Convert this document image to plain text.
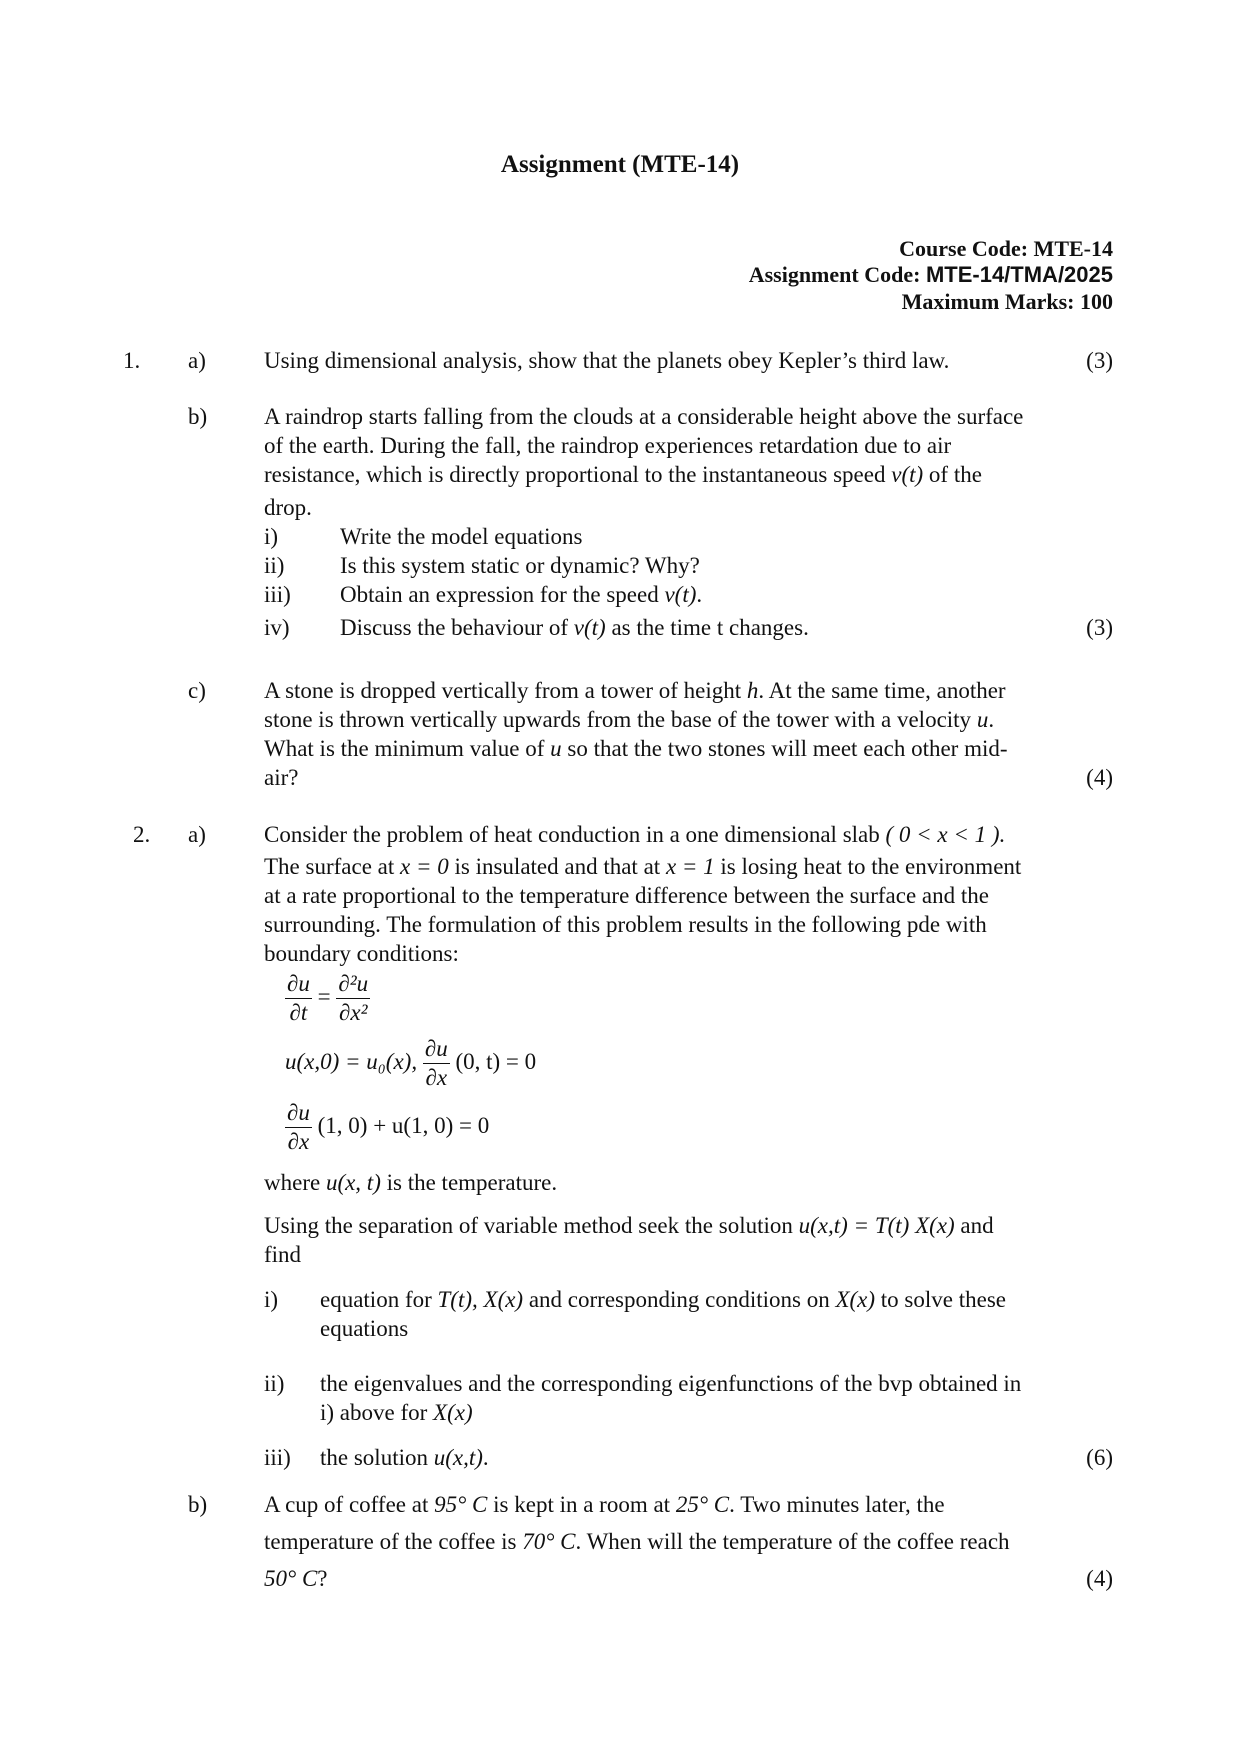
Assignment (MTE-14)
Course Code: MTE-14
Assignment Code: MTE-14/TMA/2025
Maximum Marks: 100
1. a)	Using dimensional analysis, show that the planets obey Kepler’s third law.	(3)
b) A raindrop starts falling from the clouds at a considerable height above the surface
of the earth. During the fall, the raindrop experiences retardation due to air
resistance, which is directly proportional to the instantaneous speed v(t) of the
drop.
i)	Write the model equations
ii) Is this system static or dynamic? Why?
iii) Obtain an expression for the speed v(t).
iv) Discuss the behaviour of v(t) as the time t changes.	(3)
c)	A stone is dropped vertically from a tower of height h. At the same time, another
stone is thrown vertically upwards from the base of the tower with a velocity u.
What is the minimum value of u so that the two stones will meet each other mid-
air?	(4)
2. a)	Consider the problem of heat conduction in a one dimensional slab ( 0 < x < 1 ).
The surface at x = 0 is insulated and that at x = 1 is losing heat to the environment
at a rate proportional to the temperature difference between the surface and the
surrounding. The formulation of this problem results in the following pde with
boundary conditions:
$\frac{\partial u}{\partial t} = \frac{\text{∂²u}}{\text{∂x²}}$
u(x,0) = u₀(x), $\frac{\partial u}{\partial x} (0$, t) = 0
$\frac{\partial u}{\partial x} (1$, 0) + u(1, 0) = 0
where u(x, t) is the temperature.
Using the separation of variable method seek the solution u(x,t) = T(t) X(x) and
find
i) equation for T(t), X(x) and corresponding conditions on X(x) to solve these
equations
ii) the eigenvalues and the corresponding eigenfunctions of the bvp obtained in
i) above for X(x)
iii) the solution u(x,t).	(6)
b) A cup of coffee at 95° C is kept in a room at 25° C. Two minutes later, the
temperature of the coffee is 70° C. When will the temperature of the coffee reach
50° C?	(4)
